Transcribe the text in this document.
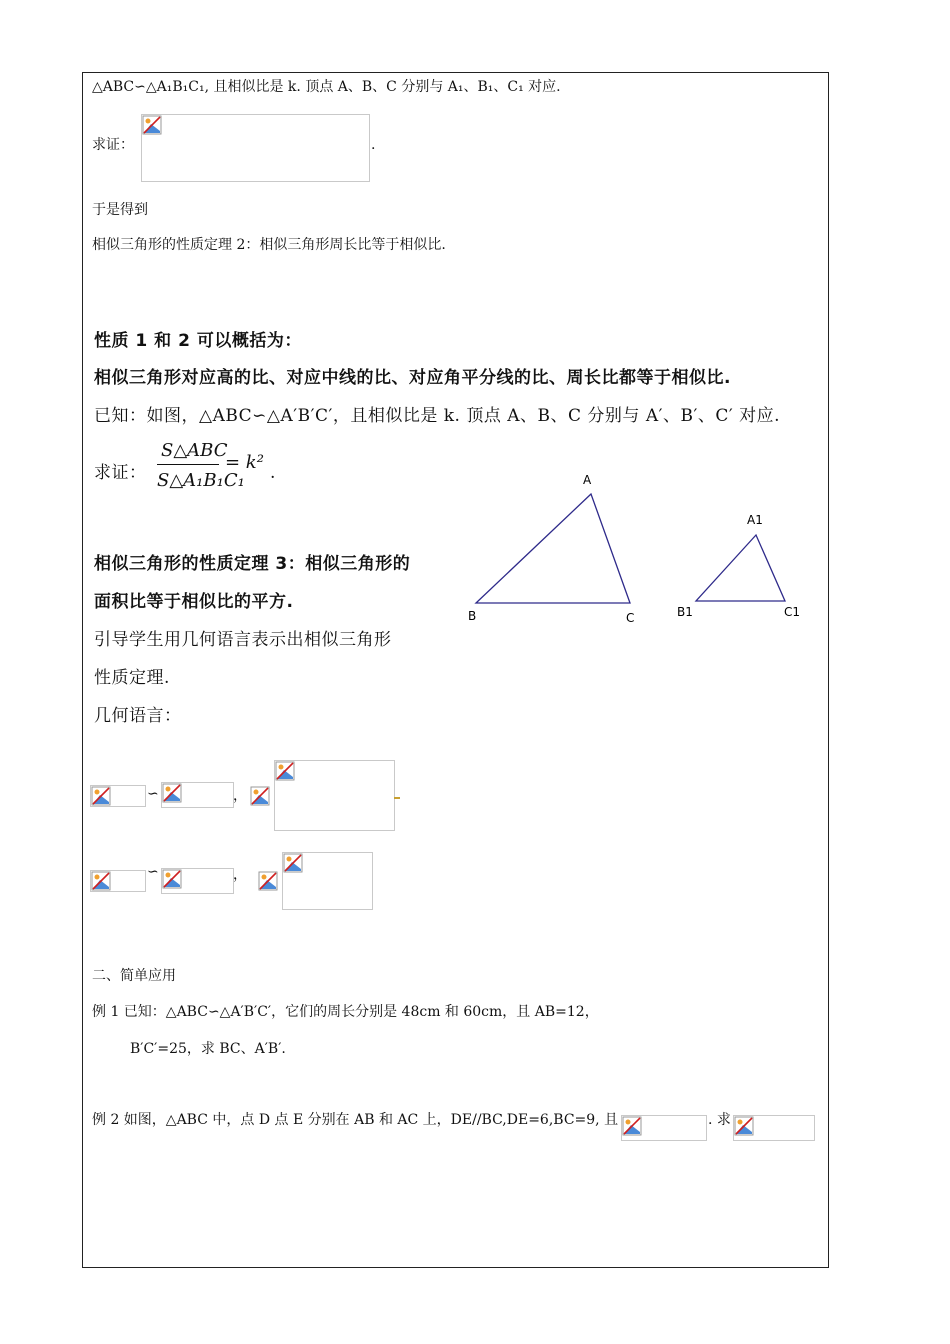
△ABC∽△A₁B₁C₁, 且相似比是 k. 顶点 A、B、C 分别与 A₁、B₁、C₁ 对应.
求证：	.
于是得到
相似三角形的性质定理 2：相似三角形周长比等于相似比.
性质 1 和 2 可以概括为：
相似三角形对应高的比、对应中线的比、对应角平分线的比、周长比都等于相似比.
已知：如图，△ABC∽△A′B′C′，且相似比是 k. 顶点 A、B、C 分别与 A′、B′、C′ 对应.
求证：
S△ABC
S△A₁B₁C₁
= k² .	A
B	C
A1
B1	C1
相似三角形的性质定理 3：相似三角形的
面积比等于相似比的平方.
引导学生用几何语言表示出相似三角形
性质定理.
几何语言：
∽	，
∽	，
二、简单应用
例 1 已知：△ABC∽△A′B′C′，它们的周长分别是 48cm 和 60cm，且 AB=12，
B′C′=25，求 BC、A′B′.
例 2 如图，△ABC 中，点 D 点 E 分别在 AB 和 AC 上，DE//BC,DE=6,BC=9, 且	. 求
